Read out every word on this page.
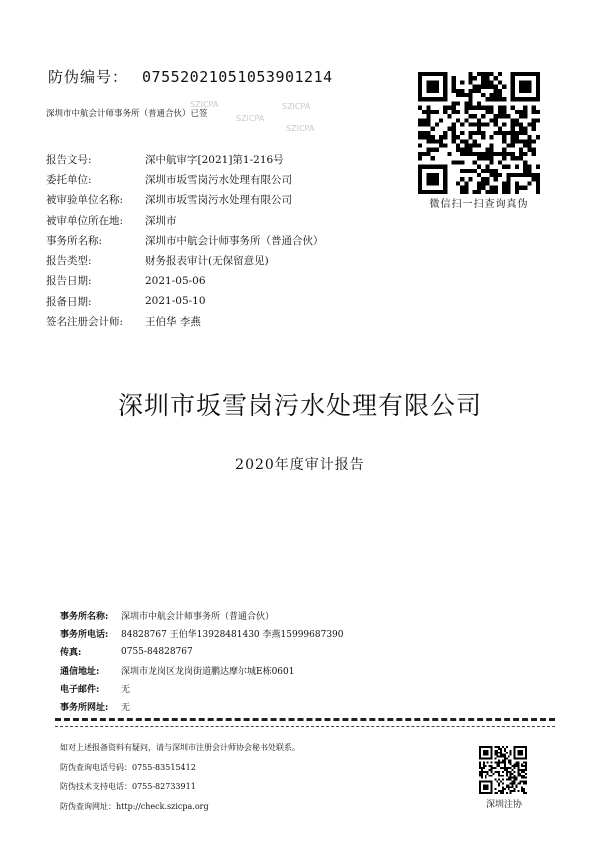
防伪编号： 07552021051053901214
SZICPA
SZICPA
SZICPA
SZICPA
深圳市中航会计师事务所（普通合伙）已签
微信扫一扫查询真伪
报告文号:	深中航审字[2021]第1-216号
委托单位:	深圳市坂雪岗污水处理有限公司
被审验单位名称:	深圳市坂雪岗污水处理有限公司
被审单位所在地:	深圳市
事务所名称:	深圳市中航会计师事务所（普通合伙）
报告类型:	财务报表审计(无保留意见)
报告日期:	2021-05-06
报备日期:	2021-05-10
签名注册会计师:	王伯华 李燕
深圳市坂雪岗污水处理有限公司
2020年度审计报告
事务所名称:	深圳市中航会计师事务所（普通合伙）
事务所电话:	84828767 王伯华13928481430 李燕15999687390
传真:	0755-84828767
通信地址:	深圳市龙岗区龙岗街道鹏达摩尔城E栋0601
电子邮件:	无
事务所网址:	无
如对上述报备资料有疑问，请与深圳市注册会计师协会秘书处联系。
防伪查询电话号码：0755-83515412
防伪技术支持电话：0755-82733911
防伪查询网址：http://check.szicpa.org	深圳注协
